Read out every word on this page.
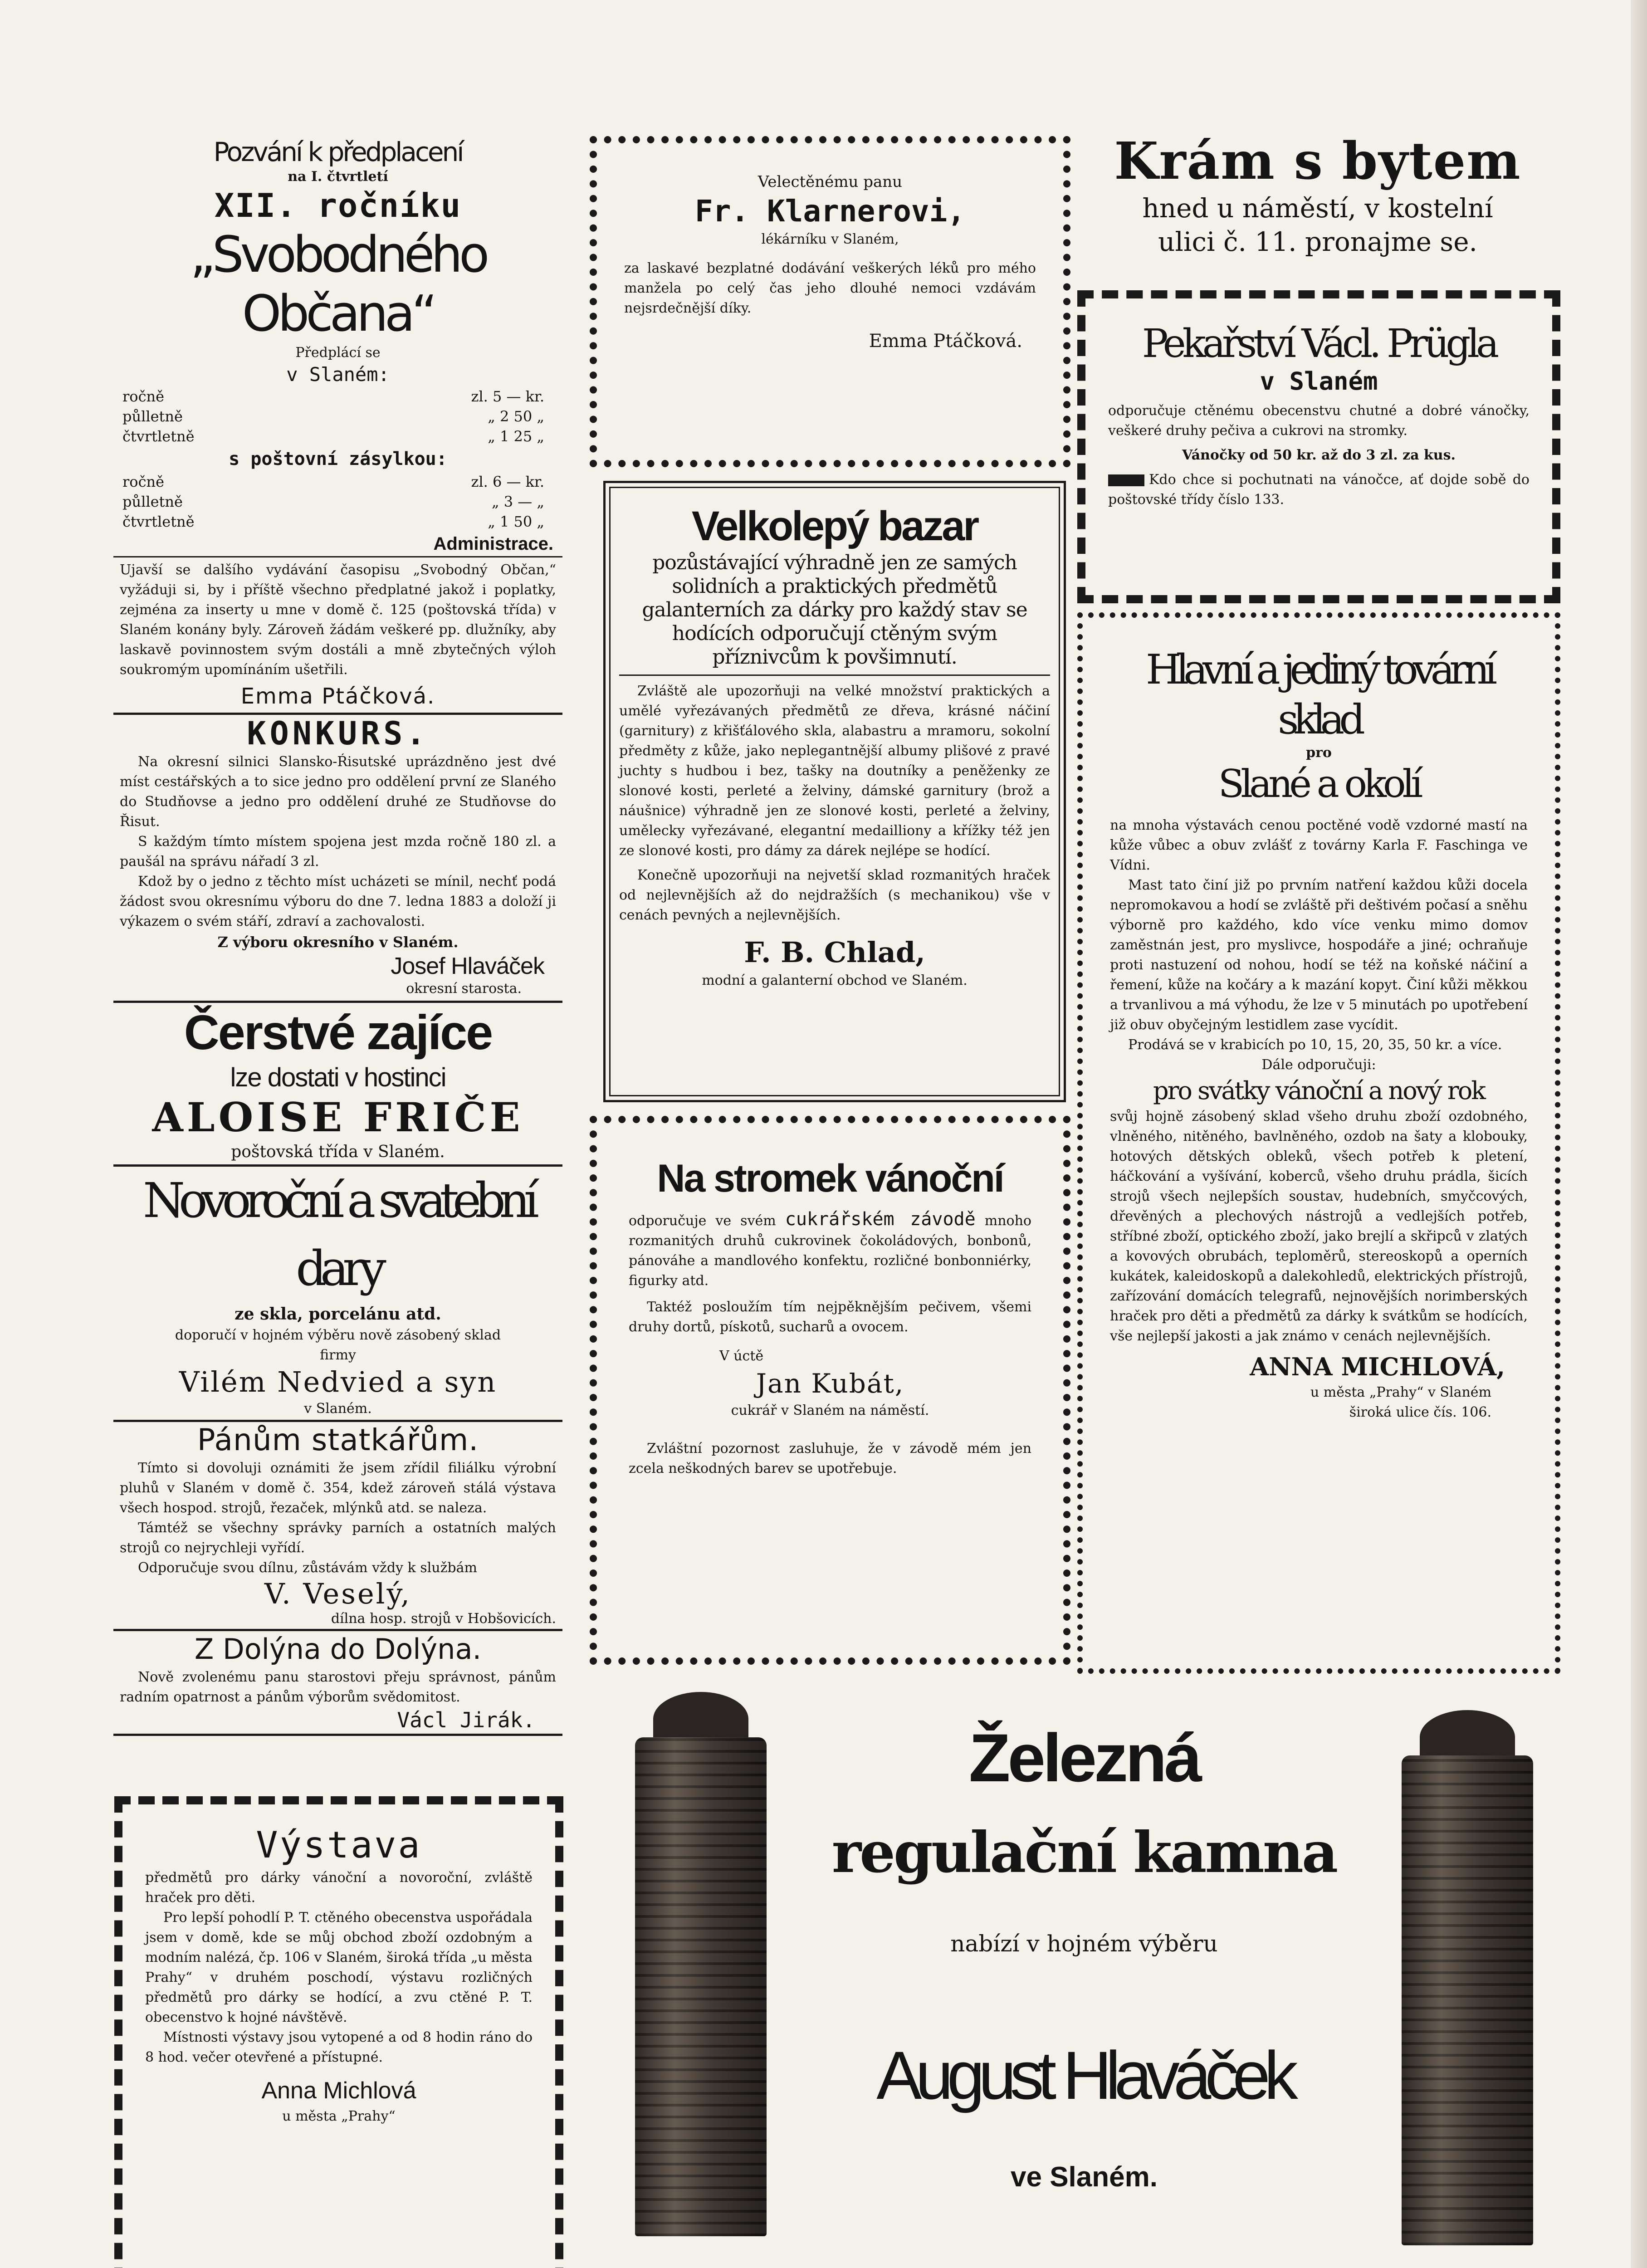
Pozvání k předplacení
na I. čtvrtletí
XII. ročníku
„Svobodného Občana“
Předplácí se
v Slaném:
ročně	zl. 5 — kr.
půlletně	„ 2 50 „
čtvrtletně	„ 1 25 „
s poštovní zásylkou:
ročně	zl. 6 — kr.
půlletně	„ 3 — „
čtvrtletně	„ 1 50 „
Administrace.
Ujavší se dalšího vydávání časopisu „Svobodný Občan,“ vyžáduji si, by i příště všechno předplatné jakož i poplatky, zejména za inserty u mne v domě č. 125 (poštovská třída) v Slaném konány byly. Zároveň žádám veškeré pp. dlužníky, aby laskavě povinnostem svým dostáli a mně zbytečných výloh soukromým upomínáním ušetřili.
Emma Ptáčková.
KONKURS.
Na okresní silnici Slansko-Ŕisutské uprázdněno jest dvé míst cestářských a to sice jedno pro oddělení první ze Slaného do Studňovse a jedno pro oddělení druhé ze Studňovse do Řisut.
S každým tímto místem spojena jest mzda ročně 180 zl. a paušál na správu nářadí 3 zl.
Kdož by o jedno z těchto míst ucházeti se mínil, nechť podá žádost svou okresnímu výboru do dne 7. ledna 1883 a doloží ji výkazem o svém stáří, zdraví a zachovalosti.
Z výboru okresního v Slaném.
Josef Hlaváček
okresní starosta.
Čerstvé zajíce
lze dostati v hostinci
ALOISE FRIČE
poštovská třída v Slaném.
Novoroční a svatební dary
ze skla, porcelánu atd.
doporučí v hojném výběru nově zásobený sklad
firmy
Vilém Nedvied a syn
v Slaném.
Pánům statkářům.
Tímto si dovoluji oznámiti že jsem zřídil filiálku výrobní pluhů v Slaném v domě č. 354, kdež zároveň stálá výstava všech hospod. strojů, řezaček, mlýnků atd. se naleza.
Támtéž se všechny správky parních a ostatních malých strojů co nejrychleji vyřídí.
Odporučuje svou dílnu, zůstávám vždy k službám
V. Veselý,
dílna hosp. strojů v Hobšovicích.
Z Dolýna do Dolýna.
Nově zvolenému panu starostovi přeju správnost, pánům radním opatrnost a pánům výborům svědomitost.
Václ Jirák.
Výstava
předmětů pro dárky vánoční a novoroční, zvláště hraček pro děti.
Pro lepší pohodlí P. T. ctěného obecenstva uspořádala jsem v domě, kde se můj obchod zboží ozdobným a modním nalézá, čp. 106 v Slaném, široká třída „u města Prahy“ v druhém poschodí, výstavu rozličných předmětů pro dárky se hodící, a zvu ctěné P. T. obecenstvo k hojné návštěvě.
Místnosti výstavy jsou vytopené a od 8 hodin ráno do 8 hod. večer otevřené a přístupné.
Anna Michlová
u města „Prahy“
Velectěnému panu
Fr. Klarnerovi,
lékárníku v Slaném,
za laskavé bezplatné dodávání veškerých léků pro mého manžela po celý čas jeho dlouhé nemoci vzdávám nejsrdečnější díky.
Emma Ptáčková.
Velkolepý bazar
pozůstávající výhradně jen ze samých solidních a praktických předmětů galanterních za dárky pro každý stav se hodících odporučují ctěným svým příznivcům k povšimnutí.
Zvláště ale upozorňuji na velké množství praktických a umělé vyřezávaných předmětů ze dřeva, krásné náčiní (garnitury) z křišťálového skla, alabastru a mramoru, sokolní předměty z kůže, jako neplegantnější albumy plišové z pravé juchty s hudbou i bez, tašky na doutníky a peněženky ze slonové kosti, perleté a želviny, dámské garnitury (brož a náušnice) výhradně jen ze slonové kosti, perleté a želviny, umělecky vyřezávané, elegantní medailliony a křížky též jen ze slonové kosti, pro dámy za dárek nejlépe se hodící.
Konečně upozorňuji na nejvetší sklad rozmanitých hraček od nejlevnějších až do nejdražších (s mechanikou) vše v cenách pevných a nejlevnějších.
F. B. Chlad,
modní a galanterní obchod ve Slaném.
Na stromek vánoční
odporučuje ve svém cukrářském závodě mnoho rozmanitých druhů cukrovinek čokoládových, bonbonů, pánováhe a mandlového konfektu, rozličné bonbonniérky, figurky atd.
Taktéž posloužím tím nejpěknějším pečivem, všemi druhy dortů, pískotů, sucharů a ovocem.
V úctě
Jan Kubát,
cukrář v Slaném na náměstí.
Zvláštní pozornost zasluhuje, že v závodě mém jen zcela neškodných barev se upotřebuje.
Krám s bytem
hned u náměstí, v kostelní
ulici č. 11. pronajme se.
Pekařství Václ. Prügla
v Slaném
odporučuje ctěnému obecenstvu chutné a dobré vánočky, veškeré druhy pečiva a cukrovi na stromky.
Vánočky od 50 kr. až do 3 zl. za kus.
Kdo chce si pochutnati na vánočce, ať dojde sobě do poštovské třídy číslo 133.
Hlavní a jediný tovární sklad
pro
Slané a okolí
na mnoha výstavách cenou poctěné vodě vzdorné mastí na kůže vůbec a obuv zvlášť z továrny Karla F. Faschinga ve Vídni.
Mast tato činí již po prvním natření každou kůži docela nepromokavou a hodí se zvláště při deštivém počasí a sněhu výborně pro každého, kdo více venku mimo domov zaměstnán jest, pro myslivce, hospodáře a jiné; ochraňuje proti nastuzení od nohou, hodí se též na koňské náčiní a řemení, kůže na kočáry a k mazání kopyt. Činí kůži měkkou a trvanlivou a má výhodu, že lze v 5 minutách po upotřebení již obuv obyčejným lestidlem zase vycídit.
Prodává se v krabicích po 10, 15, 20, 35, 50 kr. a více.
Dále odporučuji:
pro svátky vánoční a nový rok
svůj hojně zásobený sklad všeho druhu zboží ozdobného, vlněného, nitěného, bavlněného, ozdob na šaty a klobouky, hotových dětských obleků, všech potřeb k pletení, háčkování a vyšívání, koberců, všeho druhu prádla, šicích strojů všech nejlepších soustav, hudebních, smyčcových, dřevěných a plechových nástrojů a vedlejších potřeb, stříbné zboží, optického zboží, jako brejlí a skřipců v zlatých a kovových obrubách, teploměrů, stereoskopů a operních kukátek, kaleidoskopů a dalekohledů, elektrických přístrojů, zařízování domácích telegrafů, nejnovějších norimberských hraček pro děti a předmětů za dárky k svátkům se hodících, vše nejlepší jakosti a jak známo v cenách nejlevnějších.
ANNA MICHLOVÁ,
u města „Prahy“ v Slaném
široká ulice čís. 106.
Železná
regulační kamna
nabízí v hojném výběru
August Hlaváček
ve Slaném.
